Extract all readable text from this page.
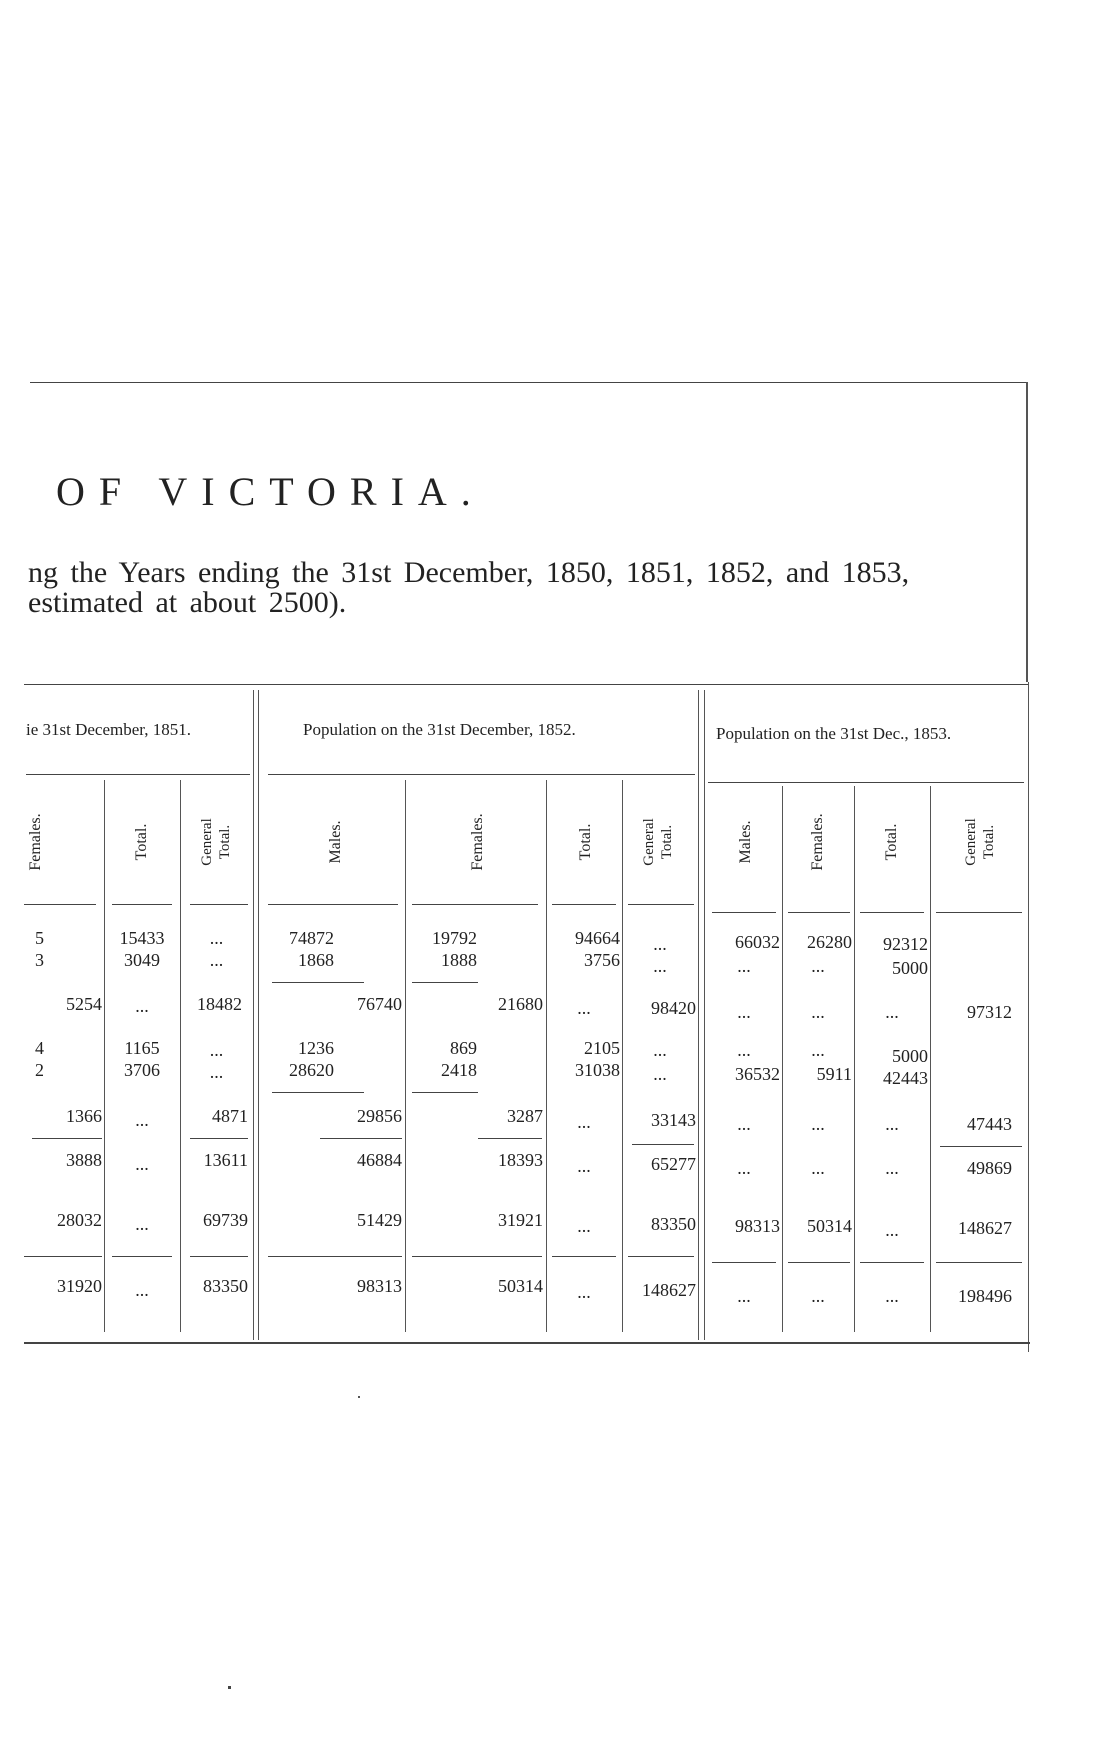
OF VICTORIA.
ng the Years ending the 31st December, 1850, 1851, 1852, and 1853,
estimated at about 2500).
ie 31st December, 1851.	Population on the 31st December, 1852.	Population on the 31st Dec., 1853.
Females.	Total.	General Total.	Males.	Females.	Total.	General Total.	Males.	Females.	Total.	General Total.
5	15433	...	74872	19792	94664	...	66032	26280	92312
3	3049	...	1868	1888	3756	...	...	...	5000
5254	...	18482	76740	21680	...	98420	...	...	...	97312
4	1165	...	1236	869	2105	...	...	...	5000
2	3706	...	28620	2418	31038	...	36532	5911	42443
1366	...	4871	29856	3287	...	33143	...	...	...	47443
3888	...	13611	46884	18393	...	65277	...	...	...	49869
28032	...	69739	51429	31921	...	83350	98313	50314	...	148627
31920	...	83350	98313	50314	...	148627	...	...	...	198496
